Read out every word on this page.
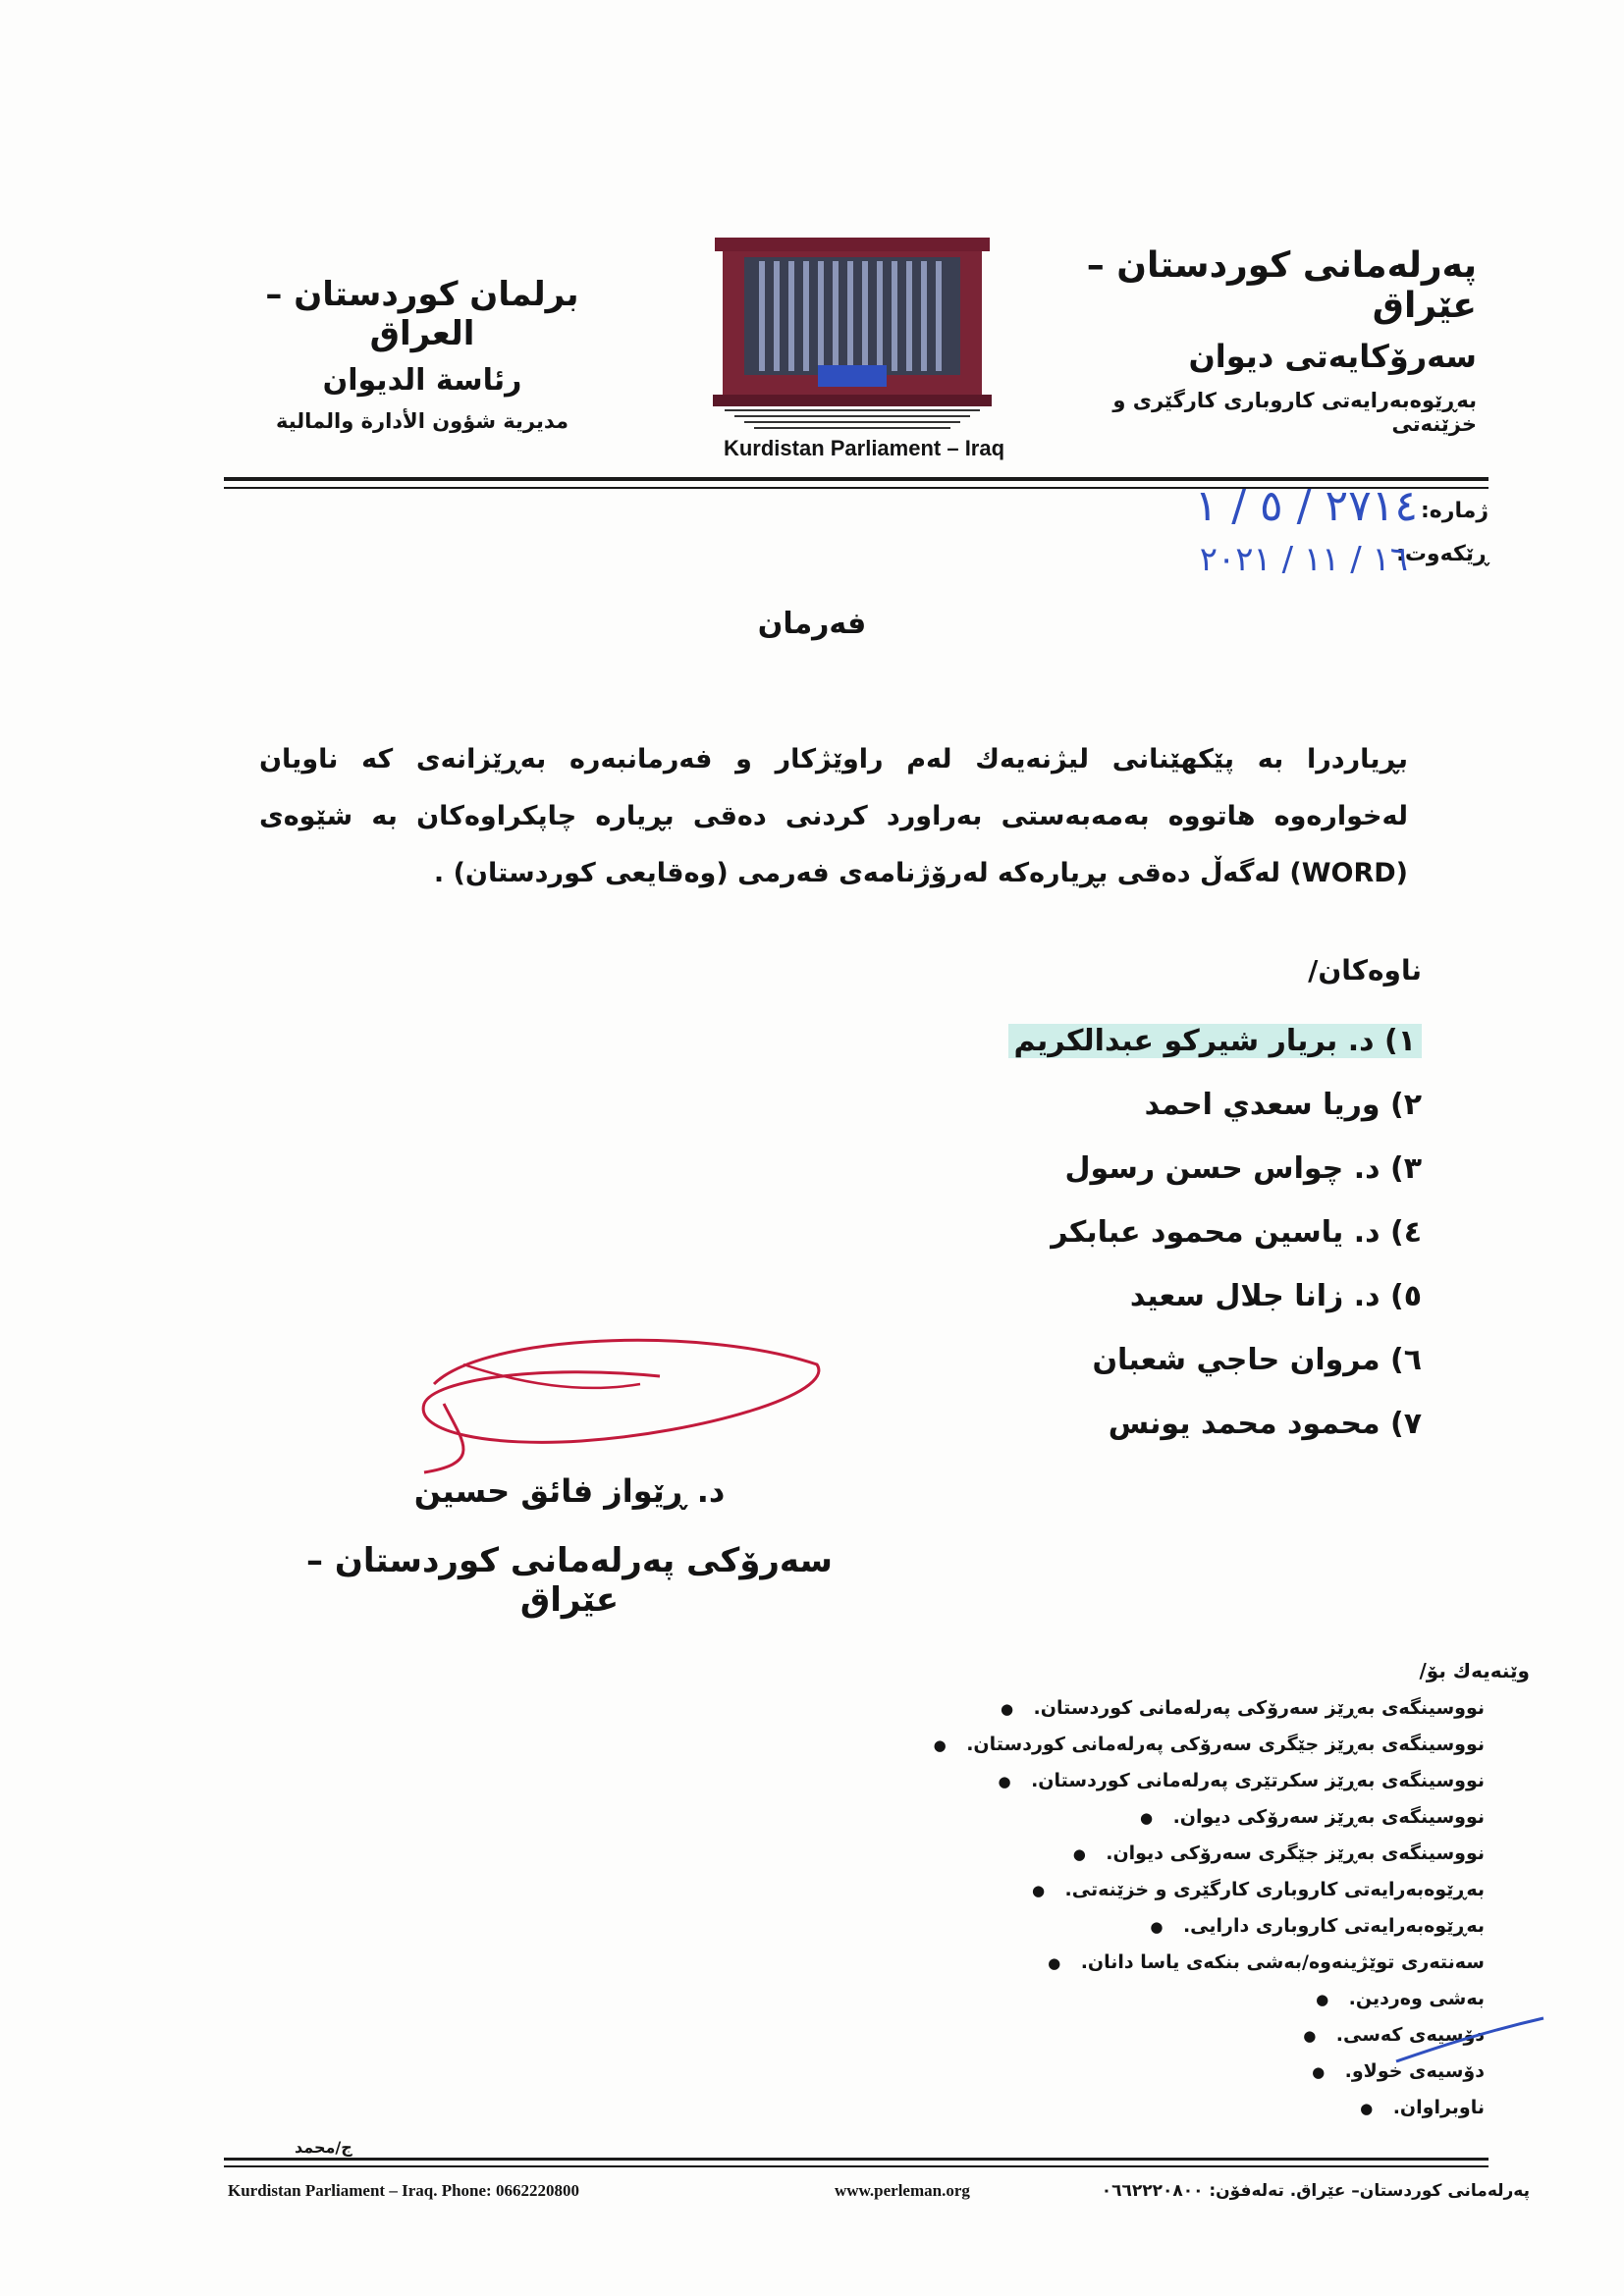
پەرلەمانی كوردستان – عێراق
سەرۆكایەتی دیوان
بەڕێوەبەرایەتی كاروباری كارگێری و خزێنەتی
برلمان كوردستان – العراق
رئاسة الديوان
مديرية شؤون الأدارة والمالية
Kurdistan Parliament – Iraq
ژمارە:
٢٧١٤ / ٥ / ١
ڕێكەوت:
١٦ / ١١ / ٢٠٢١
فەرمان
بڕیاردرا بە پێكهێنانی لیژنەیەك لەم راوێژكار و فەرمانبەرە بەڕێزانەی كە ناویان لەخوارەوە هاتووە بەمەبەستی بەراورد كردنی دەقی بڕیارە چاپكراوەكان بە شێوەی (WORD) لەگەڵ دەقی بڕیارەكە لەرۆژنامەی فەرمی (وەقایعی كوردستان) .
ناوەكان/
١) د. بریار شیركو عبدالكريم
٢) وريا سعدي احمد
٣) د. چواس حسن رسول
٤) د. ياسين محمود عبابكر
٥) د. زانا جلال سعيد
٦) مروان حاجي شعبان
٧) محمود محمد يونس
د. ڕێواز فائق حسین
سەرۆكی پەرلەمانی كوردستان – عێراق
وێنەیەك بۆ/
نووسینگەی بەڕێز سەرۆكی پەرلەمانی كوردستان. ●
نووسینگەی بەڕێز جێگری سەرۆكی پەرلەمانی كوردستان. ●
نووسینگەی بەڕێز سكرتێری پەرلەمانی كوردستان. ●
نووسینگەی بەڕێز سەرۆكی دیوان. ●
نووسینگەی بەڕێز جێگری سەرۆكی دیوان. ●
بەڕێوەبەرایەتی كاروباری كارگێری و خزێنەتی. ●
بەڕێوەبەرایەتی كاروباری دارایی. ●
سەنتەری توێژینەوە/بەشی بنكەی یاسا دانان. ●
بەشی وەردین. ●
دۆسیەی كەسی. ●
دۆسیەی خولاو. ●
ناوبراوان. ●
ج/محمد
Kurdistan Parliament – Iraq. Phone: 0662220800	www.perleman.org	پەرلەمانی كوردستان– عێراق. تەلەفۆن: ٠٦٦٢٢٢٠٨٠٠
